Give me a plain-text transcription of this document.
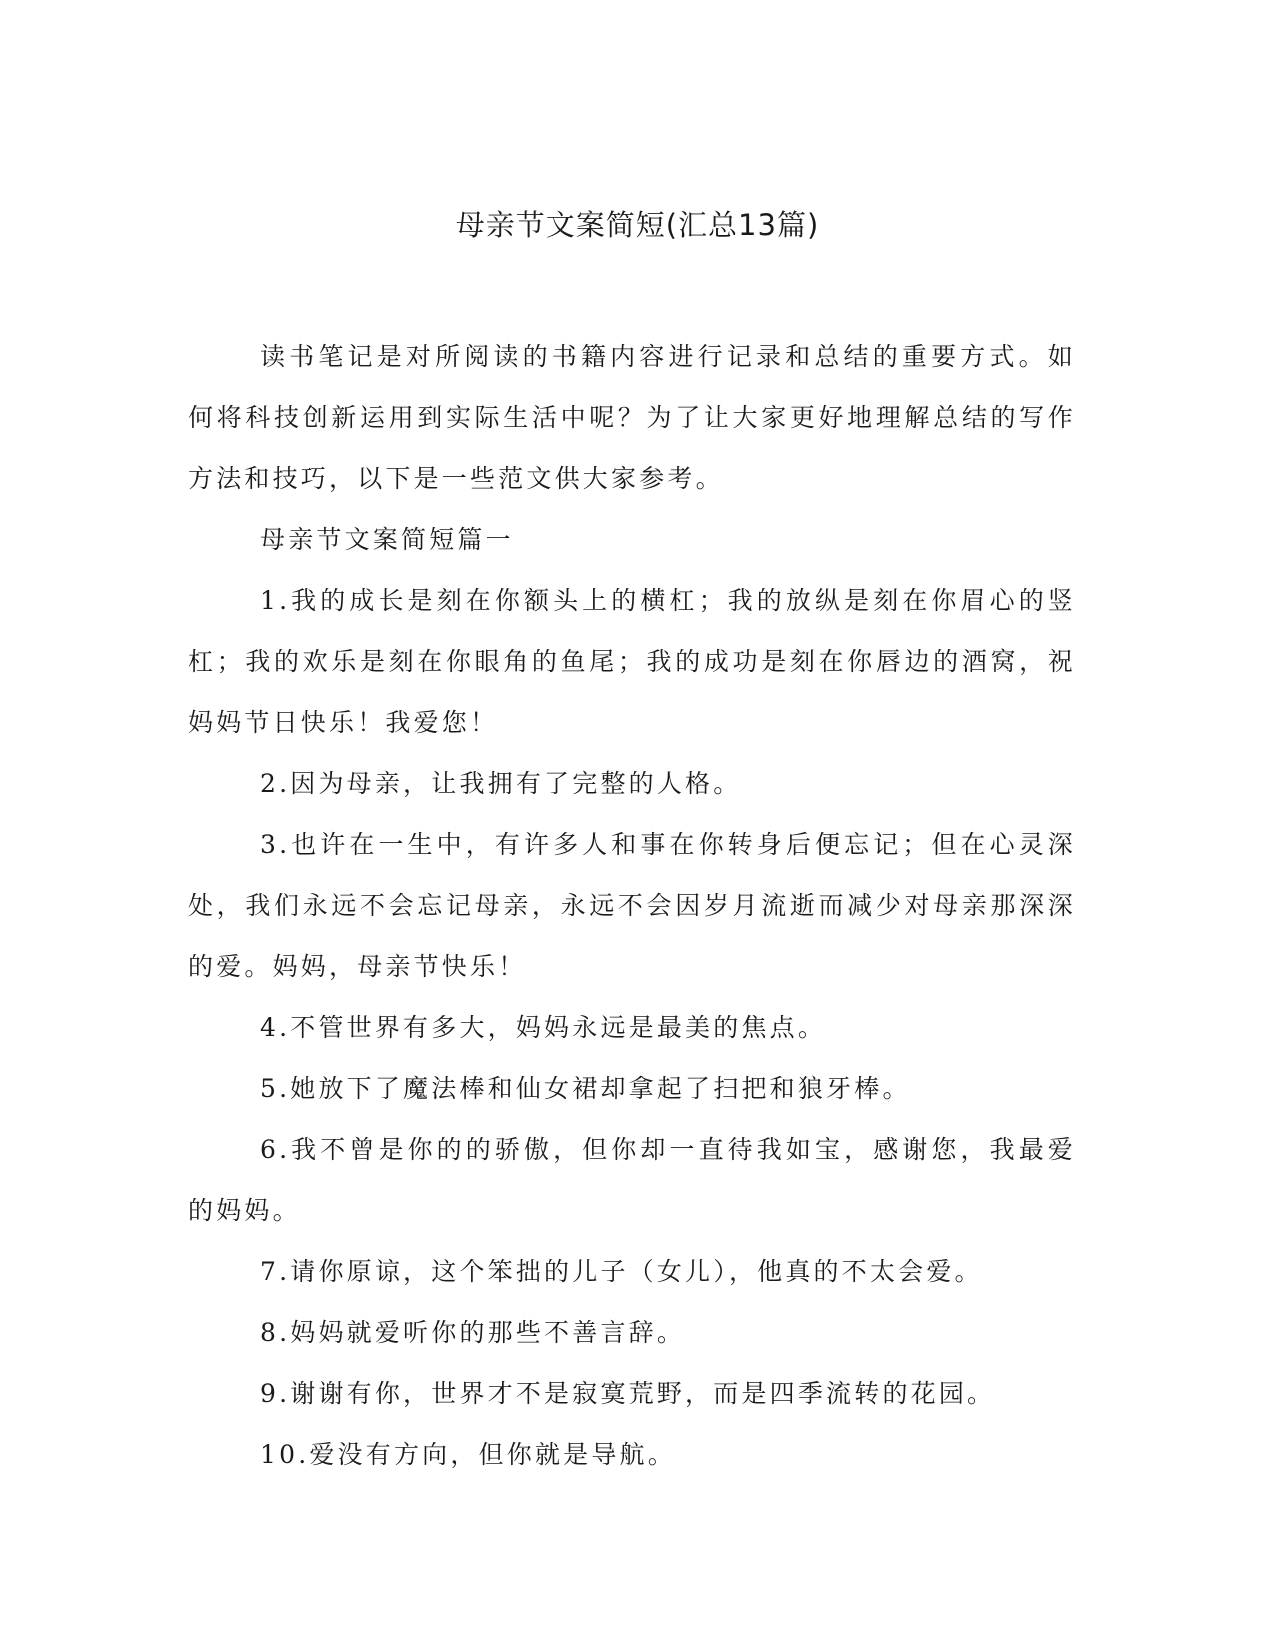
母亲节文案简短(汇总13篇)

读书笔记是对所阅读的书籍内容进行记录和总结的重要方式。如何将科技创新运用到实际生活中呢？为了让大家更好地理解总结的写作方法和技巧，以下是一些范文供大家参考。

母亲节文案简短篇一

1.我的成长是刻在你额头上的横杠；我的放纵是刻在你眉心的竖杠；我的欢乐是刻在你眼角的鱼尾；我的成功是刻在你唇边的酒窝，祝妈妈节日快乐！我爱您！

2.因为母亲，让我拥有了完整的人格。

3.也许在一生中，有许多人和事在你转身后便忘记；但在心灵深处，我们永远不会忘记母亲，永远不会因岁月流逝而减少对母亲那深深的爱。妈妈，母亲节快乐！

4.不管世界有多大，妈妈永远是最美的焦点。

5.她放下了魔法棒和仙女裙却拿起了扫把和狼牙棒。

6.我不曾是你的的骄傲，但你却一直待我如宝，感谢您，我最爱的妈妈。

7.请你原谅，这个笨拙的儿子（女儿），他真的不太会爱。

8.妈妈就爱听你的那些不善言辞。

9.谢谢有你，世界才不是寂寞荒野，而是四季流转的花园。

10.爱没有方向，但你就是导航。
